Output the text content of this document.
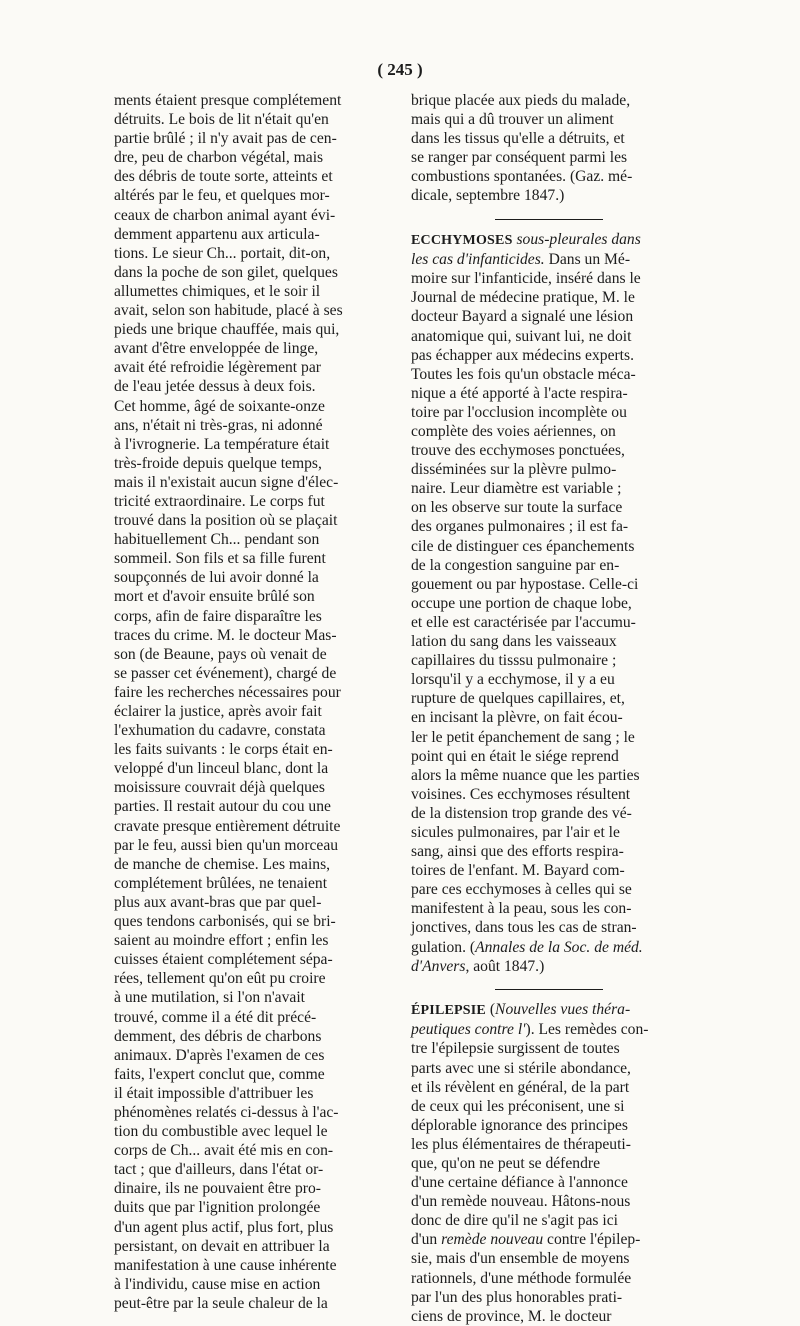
( 245 )
ments étaient presque complétement
détruits. Le bois de lit n'était qu'en
partie brûlé ; il n'y avait pas de cen-
dre, peu de charbon végétal, mais
des débris de toute sorte, atteints et
altérés par le feu, et quelques mor-
ceaux de charbon animal ayant évi-
demment appartenu aux articula-
tions. Le sieur Ch... portait, dit-on,
dans la poche de son gilet, quelques
allumettes chimiques, et le soir il
avait, selon son habitude, placé à ses
pieds une brique chauffée, mais qui,
avant d'être enveloppée de linge,
avait été refroidie légèrement par
de l'eau jetée dessus à deux fois.
Cet homme, âgé de soixante-onze
ans, n'était ni très-gras, ni adonné
à l'ivrognerie. La température était
très-froide depuis quelque temps,
mais il n'existait aucun signe d'élec-
tricité extraordinaire. Le corps fut
trouvé dans la position où se plaçait
habituellement Ch... pendant son
sommeil. Son fils et sa fille furent
soupçonnés de lui avoir donné la
mort et d'avoir ensuite brûlé son
corps, afin de faire disparaître les
traces du crime. M. le docteur Mas-
son (de Beaune, pays où venait de
se passer cet événement), chargé de
faire les recherches nécessaires pour
éclairer la justice, après avoir fait
l'exhumation du cadavre, constata
les faits suivants : le corps était en-
veloppé d'un linceul blanc, dont la
moisissure couvrait déjà quelques
parties. Il restait autour du cou une
cravate presque entièrement détruite
par le feu, aussi bien qu'un morceau
de manche de chemise. Les mains,
complétement brûlées, ne tenaient
plus aux avant-bras que par quel-
ques tendons carbonisés, qui se bri-
saient au moindre effort ; enfin les
cuisses étaient complétement sépa-
rées, tellement qu'on eût pu croire
à une mutilation, si l'on n'avait
trouvé, comme il a été dit précé-
demment, des débris de charbons
animaux. D'après l'examen de ces
faits, l'expert conclut que, comme
il était impossible d'attribuer les
phénomènes relatés ci-dessus à l'ac-
tion du combustible avec lequel le
corps de Ch... avait été mis en con-
tact ; que d'ailleurs, dans l'état or-
dinaire, ils ne pouvaient être pro-
duits que par l'ignition prolongée
d'un agent plus actif, plus fort, plus
persistant, on devait en attribuer la
manifestation à une cause inhérente
à l'individu, cause mise en action
peut-être par la seule chaleur de la
brique placée aux pieds du malade,
mais qui a dû trouver un aliment
dans les tissus qu'elle a détruits, et
se ranger par conséquent parmi les
combustions spontanées. (Gaz. mé-
dicale, septembre 1847.)
ECCHYMOSES sous-pleurales dans
les cas d'infanticides. Dans un Mé-
moire sur l'infanticide, inséré dans le
Journal de médecine pratique, M. le
docteur Bayard a signalé une lésion
anatomique qui, suivant lui, ne doit
pas échapper aux médecins experts.
Toutes les fois qu'un obstacle méca-
nique a été apporté à l'acte respira-
toire par l'occlusion incomplète ou
complète des voies aériennes, on
trouve des ecchymoses ponctuées,
disséminées sur la plèvre pulmo-
naire. Leur diamètre est variable ;
on les observe sur toute la surface
des organes pulmonaires ; il est fa-
cile de distinguer ces épanchements
de la congestion sanguine par en-
gouement ou par hypostase. Celle-ci
occupe une portion de chaque lobe,
et elle est caractérisée par l'accumu-
lation du sang dans les vaisseaux
capillaires du tisssu pulmonaire ;
lorsqu'il y a ecchymose, il y a eu
rupture de quelques capillaires, et,
en incisant la plèvre, on fait écou-
ler le petit épanchement de sang ; le
point qui en était le siége reprend
alors la même nuance que les parties
voisines. Ces ecchymoses résultent
de la distension trop grande des vé-
sicules pulmonaires, par l'air et le
sang, ainsi que des efforts respira-
toires de l'enfant. M. Bayard com-
pare ces ecchymoses à celles qui se
manifestent à la peau, sous les con-
jonctives, dans tous les cas de stran-
gulation. (Annales de la Soc. de méd.
d'Anvers, août 1847.)
ÉPILEPSIE (Nouvelles vues théra-
peutiques contre l'). Les remèdes con-
tre l'épilepsie surgissent de toutes
parts avec une si stérile abondance,
et ils révèlent en général, de la part
de ceux qui les préconisent, une si
déplorable ignorance des principes
les plus élémentaires de thérapeuti-
que, qu'on ne peut se défendre
d'une certaine défiance à l'annonce
d'un remède nouveau. Hâtons-nous
donc de dire qu'il ne s'agit pas ici
d'un remède nouveau contre l'épilep-
sie, mais d'un ensemble de moyens
rationnels, d'une méthode formulée
par l'un des plus honorables prati-
ciens de province, M. le docteur
